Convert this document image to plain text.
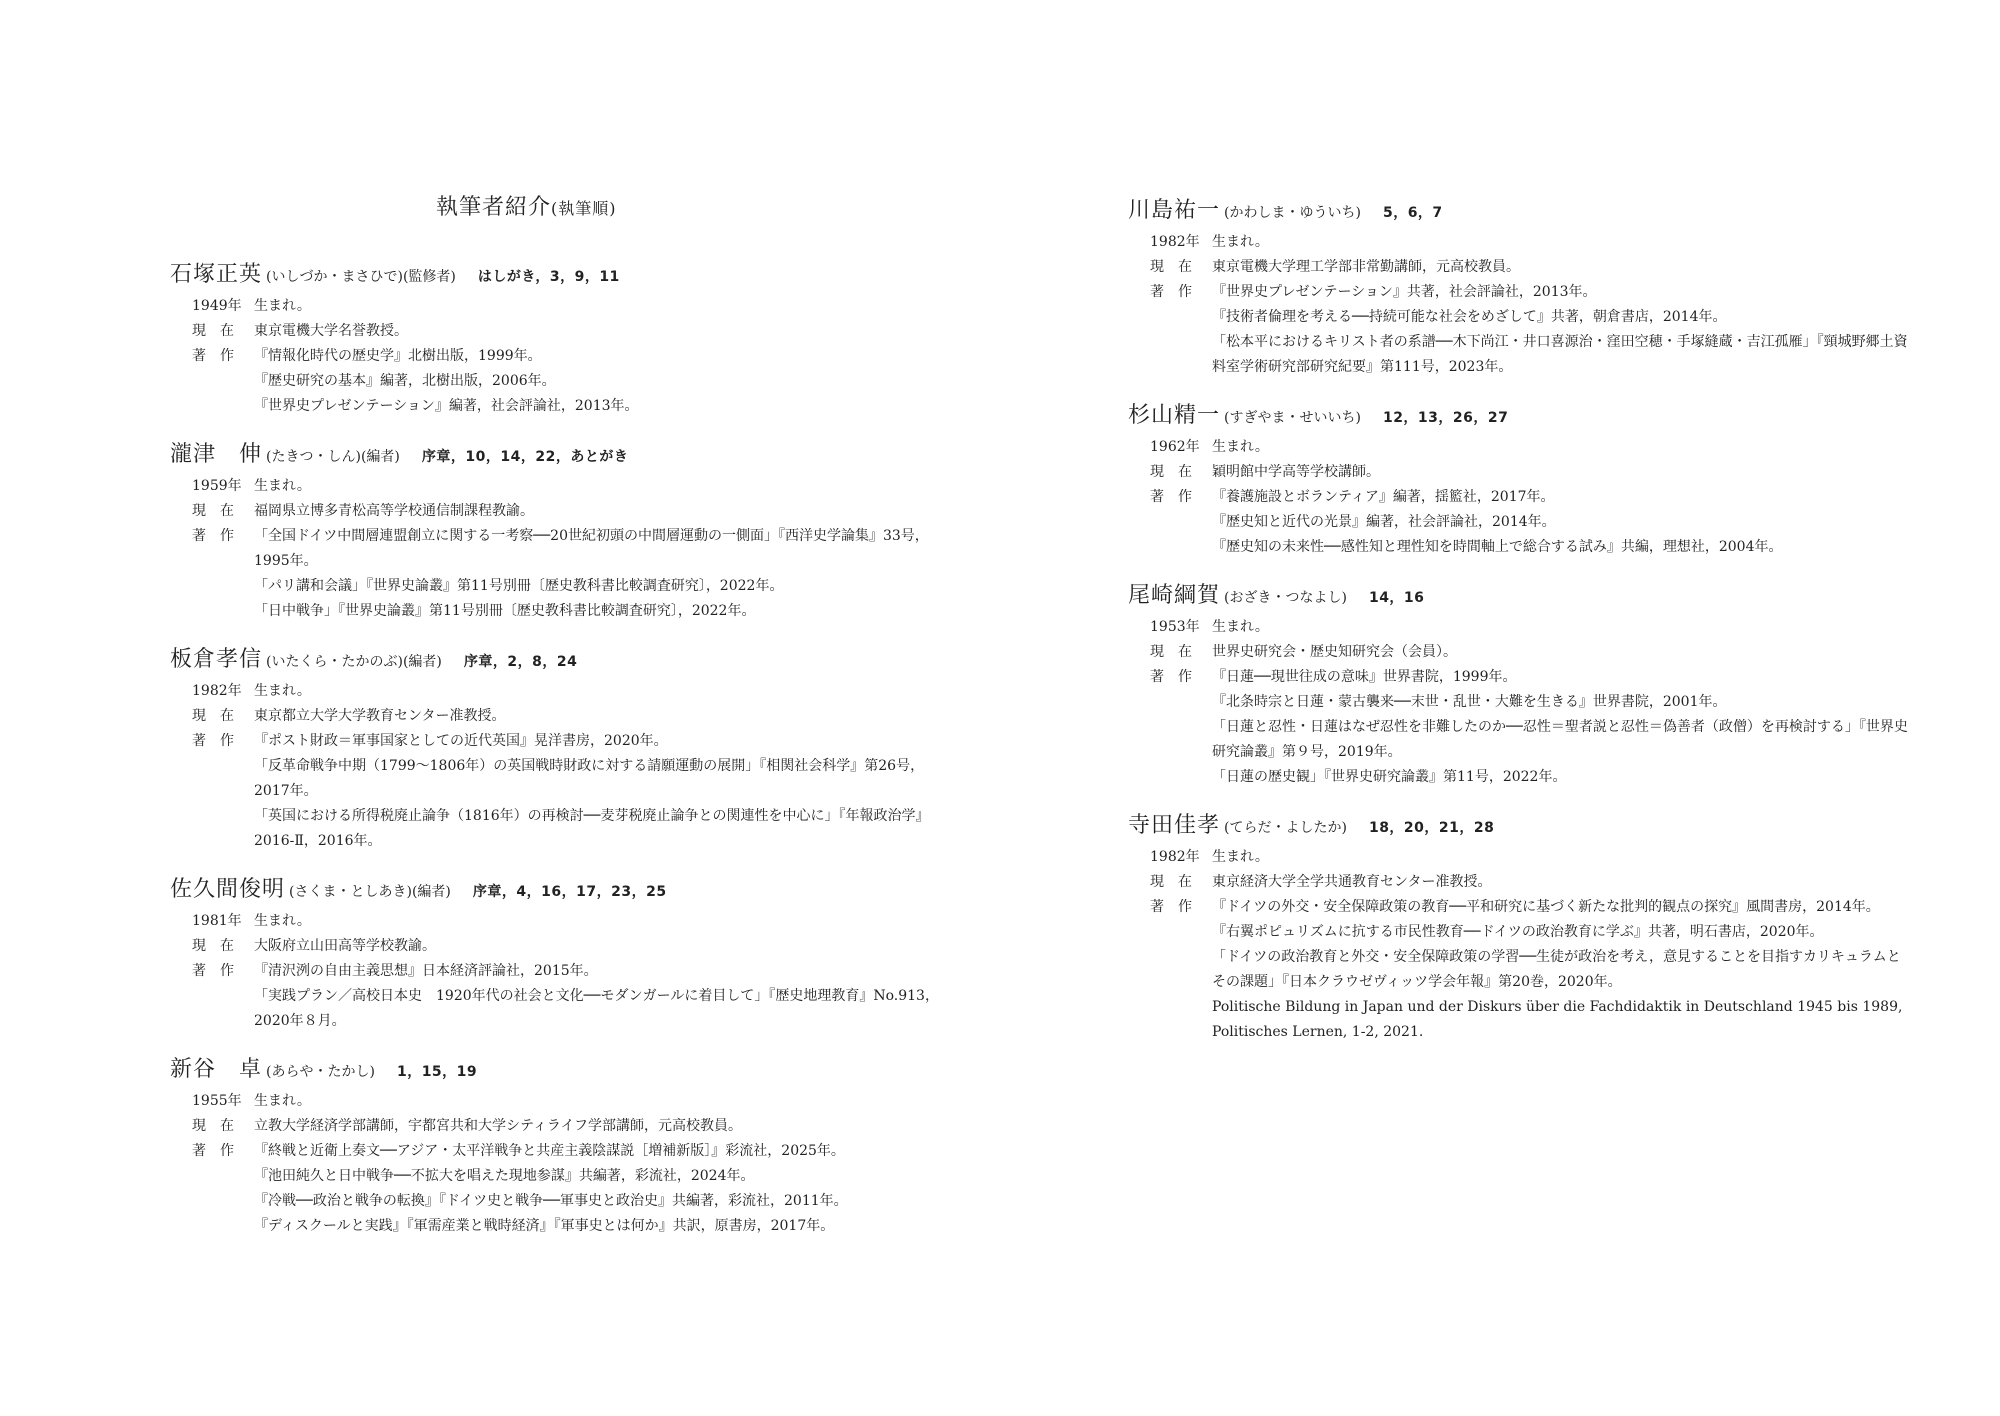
執筆者紹介(執筆順)
石塚正英 (いしづか・まさひで) (監修者) はしがき，3，9，11
1949年 生まれ。
現　在	東京電機大学名誉教授。
著　作	『情報化時代の歴史学』北樹出版，1999年。
『歴史研究の基本』編著，北樹出版，2006年。
『世界史プレゼンテーション』編著，社会評論社，2013年。
瀧津　伸 (たきつ・しん) (編者) 序章，10，14，22，あとがき
1959年 生まれ。
現　在	福岡県立博多青松高等学校通信制課程教諭。
著　作	「全国ドイツ中間層連盟創立に関する一考察──20世紀初頭の中間層運動の一側面」『西洋史学論集』33号，1995年。
「パリ講和会議」『世界史論叢』第11号別冊〔歴史教科書比較調査研究〕，2022年。
「日中戦争」『世界史論叢』第11号別冊〔歴史教科書比較調査研究〕，2022年。
板倉孝信 (いたくら・たかのぶ) (編者) 序章，2，8，24
1982年 生まれ。
現　在	東京都立大学大学教育センター准教授。
著　作	『ポスト財政＝軍事国家としての近代英国』晃洋書房，2020年。
「反革命戦争中期（1799～1806年）の英国戦時財政に対する請願運動の展開」『相関社会科学』第26号，2017年。
「英国における所得税廃止論争（1816年）の再検討──麦芽税廃止論争との関連性を中心に」『年報政治学』2016-Ⅱ，2016年。
佐久間俊明 (さくま・としあき) (編者) 序章，4，16，17，23，25
1981年 生まれ。
現　在	大阪府立山田高等学校教諭。
著　作	『清沢洌の自由主義思想』日本経済評論社，2015年。
「実践プラン／高校日本史　1920年代の社会と文化──モダンガールに着目して」『歴史地理教育』No.913，2020年８月。
新谷　卓 (あらや・たかし) 1，15，19
1955年 生まれ。
現　在	立教大学経済学部講師，宇都宮共和大学シティライフ学部講師，元高校教員。
著　作	『終戦と近衛上奏文──アジア・太平洋戦争と共産主義陰謀説［増補新版］』彩流社，2025年。
『池田純久と日中戦争──不拡大を唱えた現地参謀』共編著，彩流社，2024年。
『冷戦──政治と戦争の転換』『ドイツ史と戦争──軍事史と政治史』共編著，彩流社，2011年。
『ディスクールと実践』『軍需産業と戦時経済』『軍事史とは何か』共訳，原書房，2017年。
川島祐一 (かわしま・ゆういち) 5，6，7
1982年 生まれ。
現　在	東京電機大学理工学部非常勤講師，元高校教員。
著　作	『世界史プレゼンテーション』共著，社会評論社，2013年。
『技術者倫理を考える──持続可能な社会をめざして』共著，朝倉書店，2014年。
「松本平におけるキリスト者の系譜──木下尚江・井口喜源治・窪田空穂・手塚縫蔵・吉江孤雁」『頸城野郷土資料室学術研究部研究紀要』第111号，2023年。
杉山精一 (すぎやま・せいいち) 12，13，26，27
1962年 生まれ。
現　在	穎明館中学高等学校講師。
著　作	『養護施設とボランティア』編著，揺籃社，2017年。
『歴史知と近代の光景』編著，社会評論社，2014年。
『歴史知の未来性──感性知と理性知を時間軸上で総合する試み』共編，理想社，2004年。
尾崎綱賀 (おざき・つなよし) 14，16
1953年 生まれ。
現　在	世界史研究会・歴史知研究会（会員）。
著　作	『日蓮──現世往成の意味』世界書院，1999年。
『北条時宗と日蓮・蒙古襲来──末世・乱世・大難を生きる』世界書院，2001年。
「日蓮と忍性・日蓮はなぜ忍性を非難したのか──忍性＝聖者説と忍性＝偽善者（政僧）を再検討する」『世界史研究論叢』第９号，2019年。
「日蓮の歴史観」『世界史研究論叢』第11号，2022年。
寺田佳孝 (てらだ・よしたか) 18，20，21，28
1982年 生まれ。
現　在	東京経済大学全学共通教育センター准教授。
著　作	『ドイツの外交・安全保障政策の教育──平和研究に基づく新たな批判的観点の探究』風間書房，2014年。
『右翼ポピュリズムに抗する市民性教育──ドイツの政治教育に学ぶ』共著，明石書店，2020年。
「ドイツの政治教育と外交・安全保障政策の学習──生徒が政治を考え，意見することを目指すカリキュラムとその課題」『日本クラウゼヴィッツ学会年報』第20巻，2020年。
Politische Bildung in Japan und der Diskurs über die Fachdidaktik in Deutschland 1945 bis 1989, Politisches Lernen, 1-2, 2021.
